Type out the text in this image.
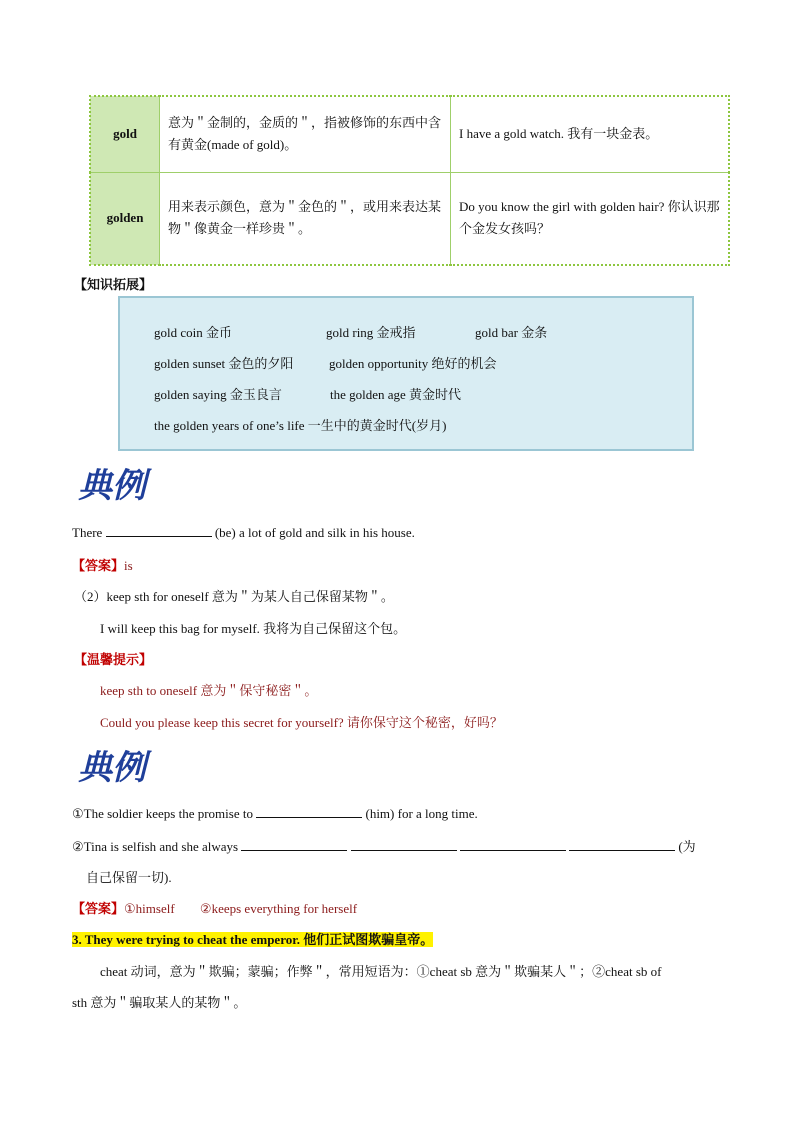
gold	意为＂金制的，金质的＂，指被修饰的东西中含有黄金(made of gold)。	I have a gold watch. 我有一块金表。
golden	用来表示颜色，意为＂金色的＂，或用来表达某物＂像黄金一样珍贵＂。	Do you know the girl with golden hair? 你认识那个金发女孩吗？
【知识拓展】
gold coin 金币	gold ring 金戒指	gold bar 金条
golden sunset 金色的夕阳	golden opportunity 绝好的机会
golden saying 金玉良言	the golden age 黄金时代
the golden years of one’s life 一生中的黄金时代(岁月)
典例
There	(be) a lot of gold and silk in his house.
【答案】is
（2）keep sth for oneself 意为＂为某人自己保留某物＂。
I will keep this bag for myself. 我将为自己保留这个包。
【温馨提示】
keep sth to oneself 意为＂保守秘密＂。
Could you please keep this secret for yourself? 请你保守这个秘密，好吗？
典例
①The soldier keeps the promise to	(him) for a long time.
②Tina is selfish and she always	(为
自己保留一切).
【答案】①himself ②keeps everything for herself
3. They were trying to cheat the emperor. 他们正试图欺骗皇帝。
cheat 动词，意为＂欺骗；蒙骗；作弊＂，常用短语为：①cheat sb 意为＂欺骗某人＂；②cheat sb of
sth 意为＂骗取某人的某物＂。
